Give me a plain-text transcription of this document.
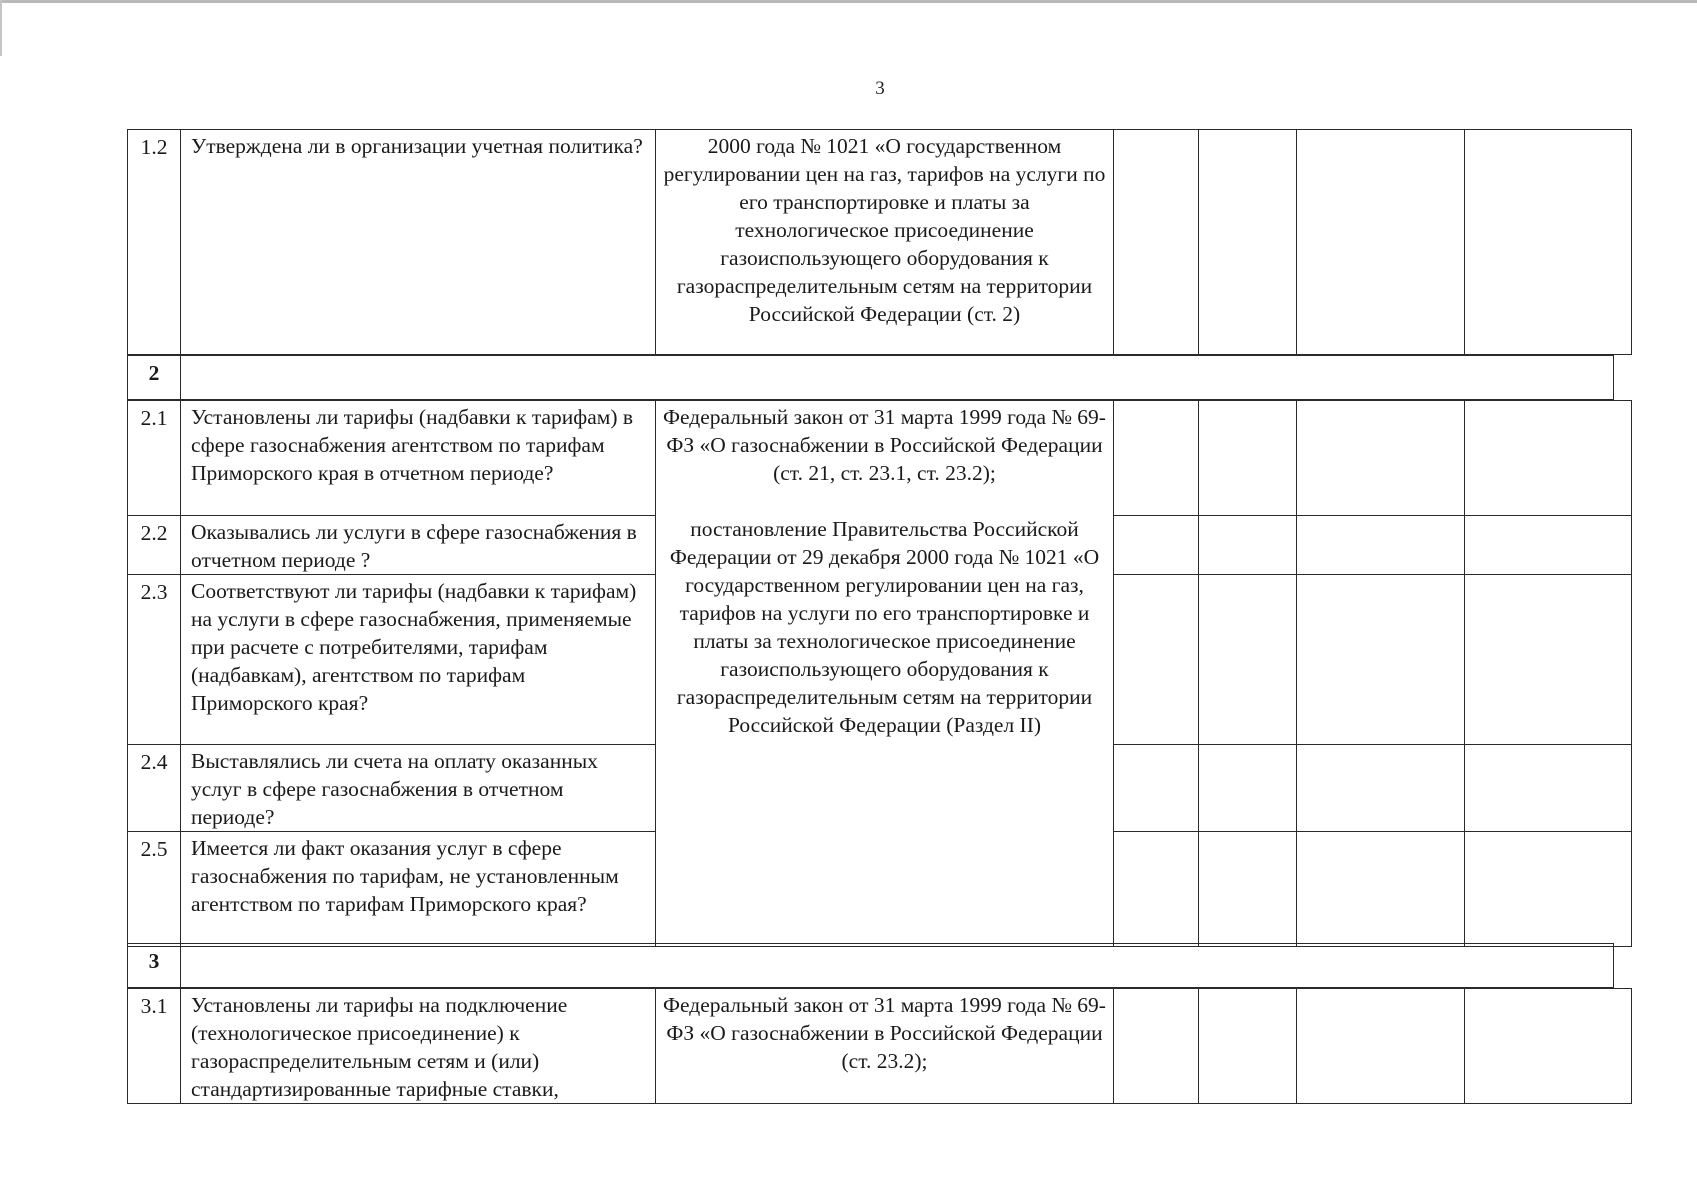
3
1.2	Утверждена ли в организации учетная политика?	2000 года № 1021 «О государственном регулировании цен на газ, тарифов на услуги по его транспортировке и платы за технологическое присоединение газоиспользующего оборудования к газораспределительным сетям на территории Российской Федерации (ст. 2)				
2	
2.1	Установлены ли тарифы (надбавки к тарифам) в сфере газоснабжения агентством по тарифам Приморского края в отчетном периоде?	Федеральный закон от 31 марта 1999 года № 69-ФЗ «О газоснабжении в Российской Федерации (ст. 21, ст. 23.1, ст. 23.2);
постановление Правительства Российской Федерации от 29 декабря 2000 года № 1021 «О государственном регулировании цен на газ, тарифов на услуги по его транспортировке и платы за технологическое присоединение газоиспользующего оборудования к газораспределительным сетям на территории Российской Федерации (Раздел II)				

2.2	Оказывались ли услуги в сфере газоснабжения в отчетном периоде ?					
2.3	Соответствуют ли тарифы (надбавки к тарифам) на услуги в сфере газоснабжения, применяемые при расчете с потребителями, тарифам (надбавкам), агентством по тарифам Приморского края?					
2.4	Выставлялись ли счета на оплату оказанных услуг в сфере газоснабжения в отчетном периоде?					
2.5	Имеется ли факт оказания услуг в сфере газоснабжения по тарифам, не установленным агентством по тарифам Приморского края?					
3	
3.1	Установлены ли тарифы на подключение (технологическое присоединение) к газораспределительным сетям и (или) стандартизированные тарифные ставки,	Федеральный закон от 31 марта 1999 года № 69-ФЗ «О газоснабжении в Российской Федерации (ст. 23.2);				
